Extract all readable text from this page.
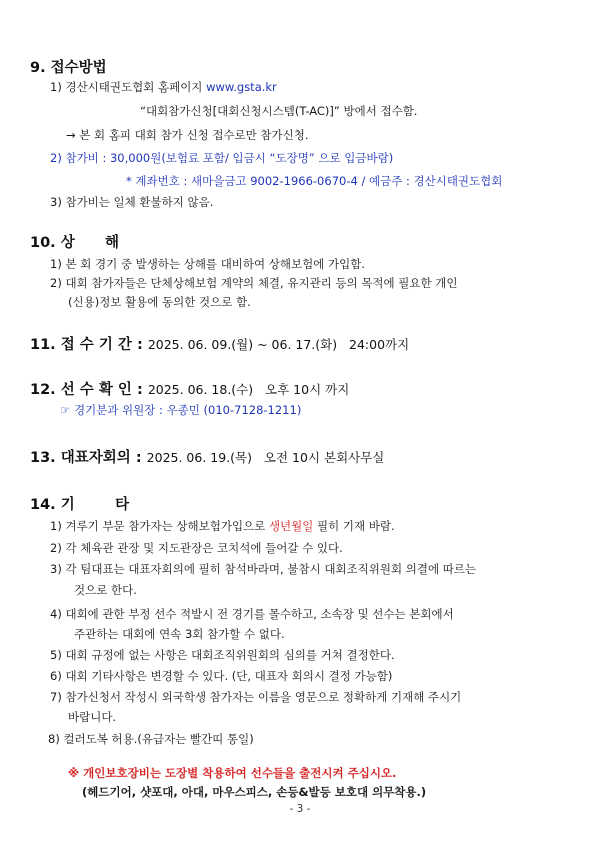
9. 접수방법
1) 경산시태권도협회 홈페이지 www.gsta.kr
“대회참가신청[대회신청시스템(T-AC)]” 방에서 접수함.
→ 본 회 홈피 대회 참가 신청 접수로만 참가신청.
2) 참가비 : 30,000원(보험료 포함/ 입금시 “도장명” 으로 입금바람)
* 계좌번호 : 새마을금고 9002-1966-0670-4 / 예금주 : 경산시태권도협회
3) 참가비는 일체 환불하지 않음.
10. 상      해
1) 본 회 경기 중 발생하는 상해를 대비하여 상해보험에 가입함.
2) 대회 참가자들은 단체상해보험 계약의 체결, 유지관리 등의 목적에 필요한 개인
(신용)정보 활용에 동의한 것으로 함.
11. 접 수 기 간 : 2025. 06. 09.(월) ~ 06. 17.(화)   24:00까지
12. 선 수 확 인 : 2025. 06. 18.(수)   오후 10시 까지
☞ 경기분과 위원장 : 우종민 (010-7128-1211)
13. 대표자회의 : 2025. 06. 19.(목)   오전 10시 본회사무실
14. 기        타
1) 겨루기 부문 참가자는 상해보험가입으로 생년월일 필히 기재 바람.
2) 각 체육관 관장 및 지도관장은 코치석에 들어갈 수 있다.
3) 각 팀대표는 대표자회의에 필히 참석바라며, 불참시 대회조직위원회 의결에 따르는
것으로 한다.
4) 대회에 관한 부정 선수 적발시 전 경기를 몰수하고, 소속장 및 선수는 본회에서
주관하는 대회에 연속 3회 참가할 수 없다.
5) 대회 규정에 없는 사항은 대회조직위원회의 심의를 거쳐 결정한다.
6) 대회 기타사항은 변경할 수 있다. (단, 대표자 회의시 결정 가능함)
7) 참가신청서 작성시 외국학생 참가자는 이름을 영문으로 정확하게 기재해 주시기
바랍니다.
8) 컬러도복 허용.(유급자는 빨간띠 통일)
※ 개인보호장비는 도장별 착용하여 선수들을 출전시켜 주십시오.
(헤드기어, 샷포대, 아대, 마우스피스, 손등&발등 보호대 의무착용.)
- 3 -
